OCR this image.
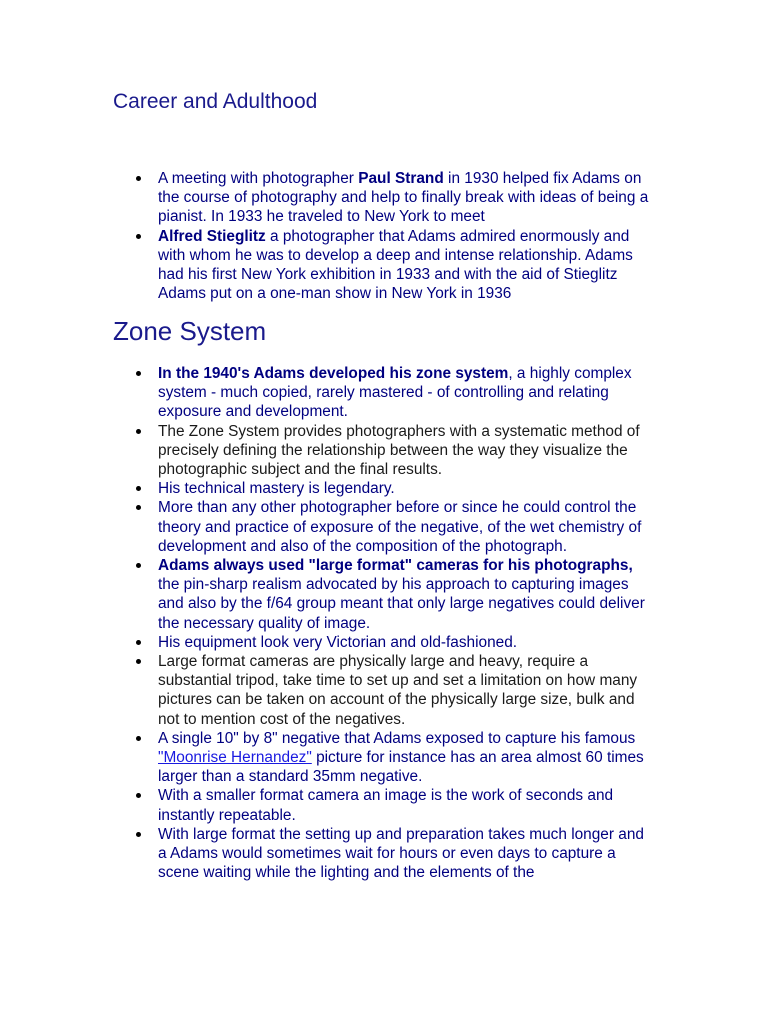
Career and Adulthood
A meeting with photographer Paul Strand in 1930 helped fix Adams on the course of photography and help to finally break with ideas of being a pianist. In 1933 he traveled to New York to meet
Alfred Stieglitz a photographer that Adams admired enormously and with whom he was to develop a deep and intense relationship. Adams had his first New York exhibition in 1933 and with the aid of Stieglitz Adams put on a one-man show in New York in 1936
Zone System
In the 1940's Adams developed his zone system, a highly complex system - much copied, rarely mastered - of controlling and relating exposure and development.
The Zone System provides photographers with a systematic method of precisely defining the relationship between the way they visualize the photographic subject and the final results.
His technical mastery is legendary.
More than any other photographer before or since he could control the theory and practice of exposure of the negative, of the wet chemistry of development and also of the composition of the photograph.
Adams always used "large format" cameras for his photographs, the pin-sharp realism advocated by his approach to capturing images and also by the f/64 group meant that only large negatives could deliver the necessary quality of image.
His equipment look very Victorian and old-fashioned.
Large format cameras are physically large and heavy, require a substantial tripod, take time to set up and set a limitation on how many pictures can be taken on account of the physically large size, bulk and not to mention cost of the negatives.
A single 10" by 8" negative that Adams exposed to capture his famous "Moonrise Hernandez" picture for instance has an area almost 60 times larger than a standard 35mm negative.
With a smaller format camera an image is the work of seconds and instantly repeatable.
With large format the setting up and preparation takes much longer and a Adams would sometimes wait for hours or even days to capture a scene waiting while the lighting and the elements of the
